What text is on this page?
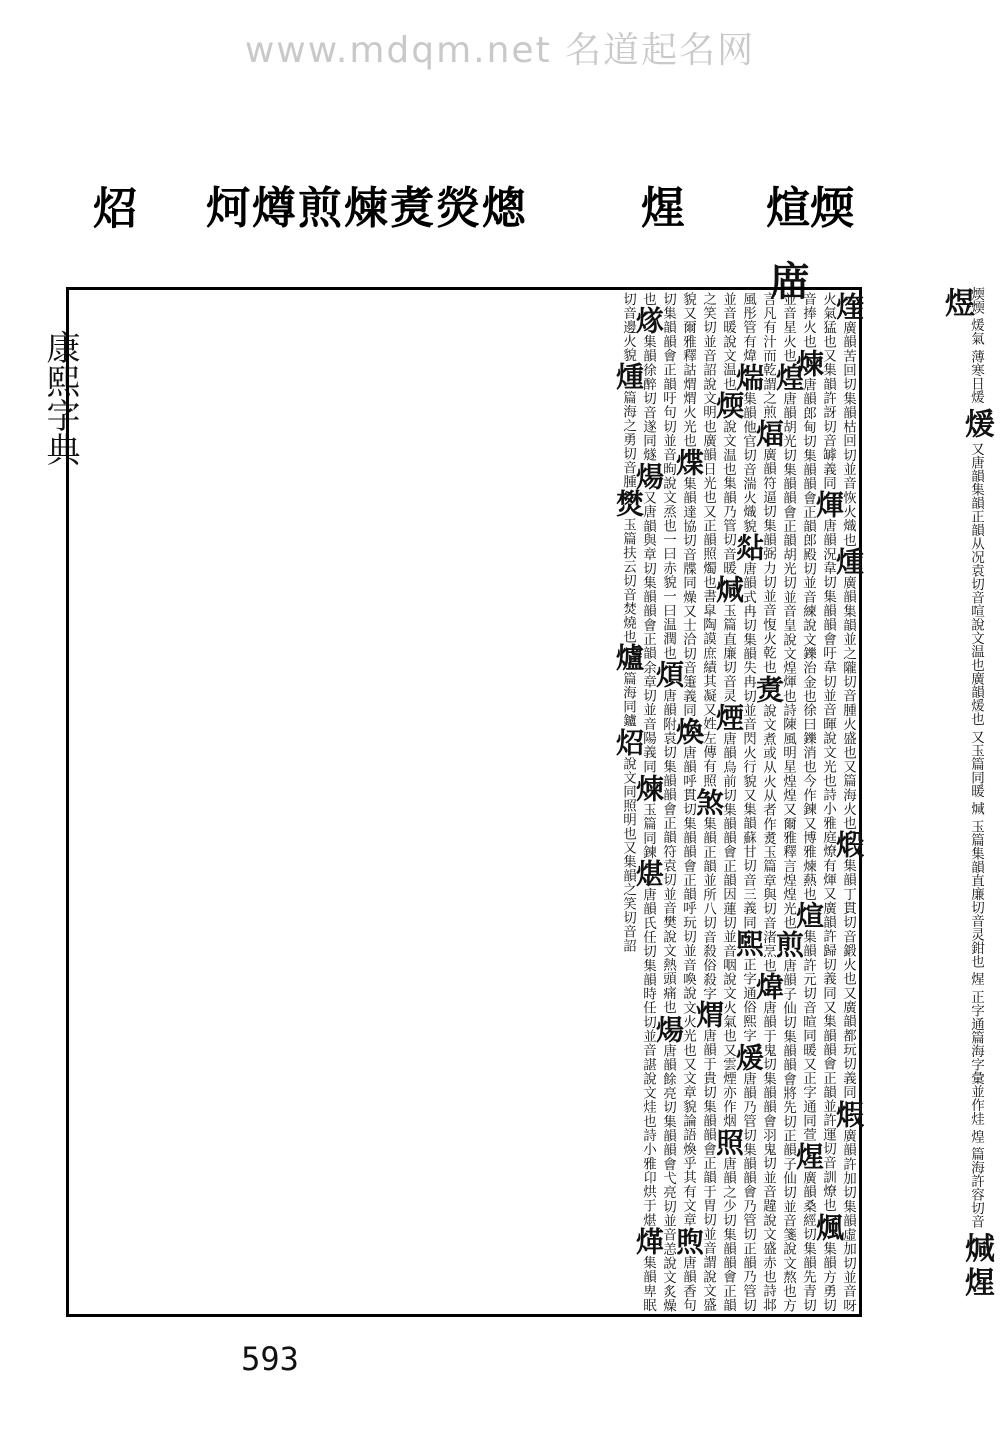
www.mdqm.net 名道起名网
炤 炣燇煎煉煑熒熜	煋 煊煗
庿
康熙字典
煃廣韻苦回切集韻枯回切並音恢火熾也煄廣韻集韻並之隴切音腫火盛也又篇海火也煅集韻丁貫切音鍛火也又廣韻都玩切義同煆廣韻許加切集韻虛加切並音呀火氣猛也又集韻許訝切音罅義同煇唐韻況韋切集韻韻會吁韋切並音暉說文光也詩小雅庭燎有煇又廣韻許歸切義同又集韻韻會正韻並許運切音訓燎也煈集韻方勇切音捧火也煉唐韻郎甸切集韻韻會正韻郎殿切並音練說文鑠治金也徐曰鑠消也今作鍊又博雅煉爇也煊集韻許元切音暄同暖又正字通同萱煋廣韻桑經切集韻先青切並音星火也煌唐韻胡光切集韻韻會正韻胡光切並音皇說文煌煇也詩陳風明星煌煌又爾雅釋言煌煌光也煎唐韻子仙切集韻韻會將先切正韻子仙切並音箋說文熬也方言凡有汁而乾謂之煎煏廣韻符逼切集韻弼力切並音愎火乾也煑說文煮或从火从者作煑玉篇章與切音渚烹也煒唐韻于鬼切集韻韻會羽鬼切並音韙說文盛赤也詩邶風彤管有煒煓集韻他官切音湍火熾貌煔唐韻式冉切集韻失冉切並音閃火行貌又集韻蘇甘切音三義同煕正字通俗熙字煖唐韻乃管切集韻韻會乃管切正韻乃管切並音暖說文温也煗說文温也集韻乃管切音暖煘玉篇直廉切音灵煙唐韻烏前切集韻韻會正韻因蓮切並音咽說文火氣也又雲煙亦作烟照唐韻之少切集韻韻會正韻之笑切並音詔說文明也廣韻日光也又正韻照燭也書皐陶謨庶績其凝又姓左傳有照煞集韻正韻並所八切音殺俗殺字煟唐韻于貴切集韻韻會正韻于胃切並音謂說文盛貌又爾雅釋詁煟煟火光也煠集韻達協切音牒同燥又士洽切音箑義同煥唐韻呼貫切集韻韻會正韻呼玩切並音喚說文火光也又文章貌論語煥乎其有文章煦唐韻香句切集韻韻會正韻吁句切並音昫說文烝也一曰赤貌一曰温潤也煩唐韻附袁切集韻韻會正韻符袁切並音樊說文熱頭痛也煬唐韻餘亮切集韻韻會弋亮切並音恙說文炙燥也煫集韻徐醉切音遂同燧煬又唐韻與章切集韻韻會正韻余章切並音陽義同煉玉篇同鍊煁唐韻氏任切集韻時任切並音諶說文烓也詩小雅卬烘于煁煂集韻卑眠切音邊火貌煄篇海之勇切音腫燓玉篇扶云切音焚燒也爐篇海同鑪炤說文同照明也又集韻之笑切音詔
煗煗 煖氣 薄寒日煖 煖 又唐韻集韻正韻从况袁切音喧說文温也廣韻煖也 又玉篇同暖 煘 玉篇集韻直廉切音灵鉗也 煋 正字通篇海字彙並作烓 煌 篇海許容切音 煘 煋 煜
593
